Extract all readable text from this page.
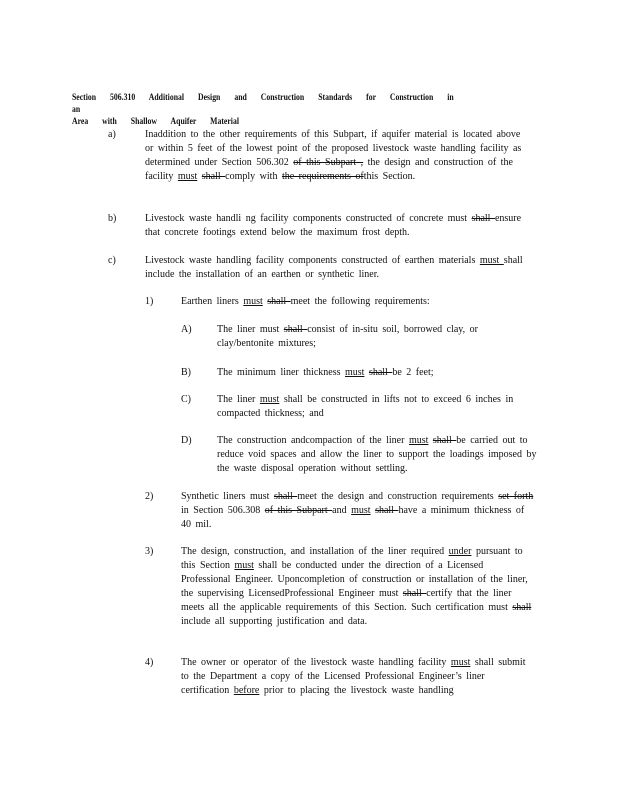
Section 506.310 Additional Design and Construction Standards for Construction in an
Area with Shallow Aquifer Material
a)	Inaddition to the other requirements of this Subpart, if aquifer material is located above or within 5 feet of the lowest point of the proposed livestock waste handling facility as determined under Section 506.302 of this Subpart , the design and construction of the facility must shall comply with the requirements ofthis Section.
b)	Livestock waste handli ng facility components constructed of concrete must shall ensure that concrete footings extend below the maximum frost depth.
c)	Livestock waste handling facility components constructed of earthen materials must shall include the installation of an earthen or synthetic liner.
1)	Earthen liners must shall meet the following requirements:
A)	The liner must shall consist of in-situ soil, borrowed clay, or clay/bentonite mixtures;
B)	The minimum liner thickness must shall be 2 feet;
C)	The liner must shall be constructed in lifts not to exceed 6 inches in compacted thickness; and
D)	The construction andcompaction of the liner must shall be carried out to reduce void spaces and allow the liner to support the loadings imposed by the waste disposal operation without settling.
2)	Synthetic liners must shall meet the design and construction requirements set forth in Section 506.308 of this Subpart and must shall have a minimum thickness of 40 mil.
3)	The design, construction, and installation of the liner required under pursuant to this Section must shall be conducted under the direction of a Licensed Professional Engineer. Uponcompletion of construction or installation of the liner, the supervising LicensedProfessional Engineer must shall certify that the liner meets all the applicable requirements of this Section. Such certification must shall include all supporting justification and data.
4)	The owner or operator of the livestock waste handling facility must shall submit to the Department a copy of the Licensed Professional Engineer’s liner certification before prior to placing the livestock waste handling
